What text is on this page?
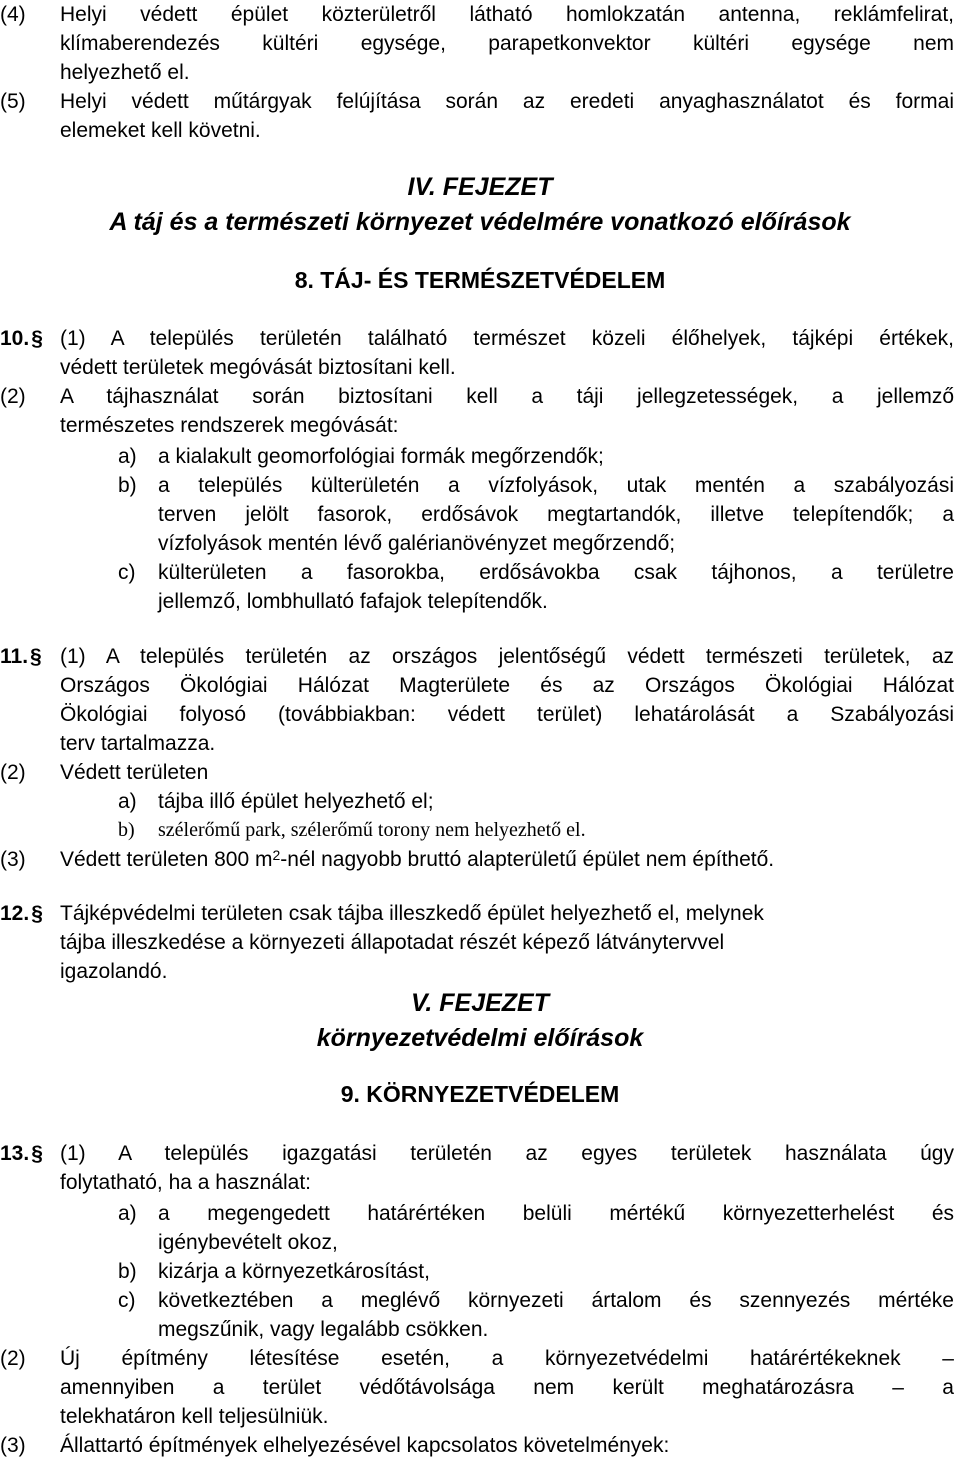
(4) Helyi védett épület közterületről látható homlokzatán antenna, reklámfelirat,
klímaberendezés kültéri egysége, parapetkonvektor kültéri egysége nem
helyezhető el.
(5) Helyi védett műtárgyak felújítása során az eredeti anyaghasználatot és formai
elemeket kell követni.
IV. FEJEZET
A táj és a természeti környezet védelmére vonatkozó előírások
8. TÁJ- ÉS TERMÉSZETVÉDELEM
10.§ (1) A település területén található természet közeli élőhelyek, tájképi értékek,
védett területek megóvását biztosítani kell.
(2) A tájhasználat során biztosítani kell a táji jellegzetességek, a jellemző
természetes rendszerek megóvását:
a) a kialakult geomorfológiai formák megőrzendők;
b) a település külterületén a vízfolyások, utak mentén a szabályozási
terven jelölt fasorok, erdősávok megtartandók, illetve telepítendők; a
vízfolyások mentén lévő galérianövényzet megőrzendő;
c) külterületen a fasorokba, erdősávokba csak tájhonos, a területre
jellemző, lombhullató fafajok telepítendők.
11.§ (1) A település területén az országos jelentőségű védett természeti területek, az
Országos Ökológiai Hálózat Magterülete és az Országos Ökológiai Hálózat
Ökológiai folyosó (továbbiakban: védett terület) lehatárolását a Szabályozási
terv tartalmazza.
(2) Védett területen
a) tájba illő épület helyezhető el;
b) szélerőmű park, szélerőmű torony nem helyezhető el.
(3) Védett területen 800 $m^2$-nél nagyobb bruttó alapterületű épület nem építhető.
12.§ Tájképvédelmi területen csak tájba illeszkedő épület helyezhető el, melynek
tájba illeszkedése a környezeti állapotadat részét képező látványtervvel
igazolandó.
V. FEJEZET
környezetvédelmi előírások
9. KÖRNYEZETVÉDELEM
13.§ (1) A település igazgatási területén az egyes területek használata úgy
folytatható, ha a használat:
a) a megengedett határértéken belüli mértékű környezetterhelést és
igénybevételt okoz,
b) kizárja a környezetkárosítást,
c) következtében a meglévő környezeti ártalom és szennyezés mértéke
megszűnik, vagy legalább csökken.
(2) Új építmény létesítése esetén, a környezetvédelmi határértékeknek –
amennyiben a terület védőtávolsága nem került meghatározásra – a
telekhatáron kell teljesülniük.
(3) Állattartó építmények elhelyezésével kapcsolatos követelmények:
